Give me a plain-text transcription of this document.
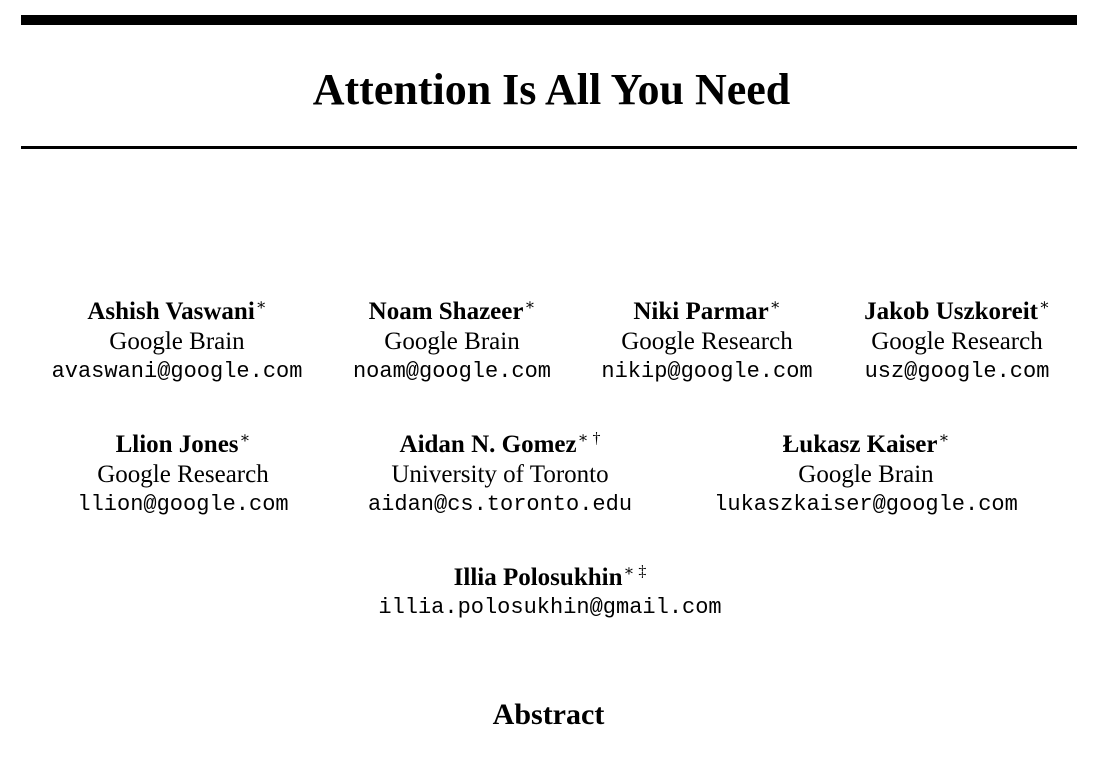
Attention Is All You Need
Ashish Vaswani∗
Google Brain
avaswani@google.com
Noam Shazeer∗
Google Brain
noam@google.com
Niki Parmar∗
Google Research
nikip@google.com
Jakob Uszkoreit∗
Google Research
usz@google.com
Llion Jones∗
Google Research
llion@google.com
Aidan N. Gomez∗ †
University of Toronto
aidan@cs.toronto.edu
Łukasz Kaiser∗
Google Brain
lukaszkaiser@google.com
Illia Polosukhin∗ ‡
illia.polosukhin@gmail.com
Abstract
